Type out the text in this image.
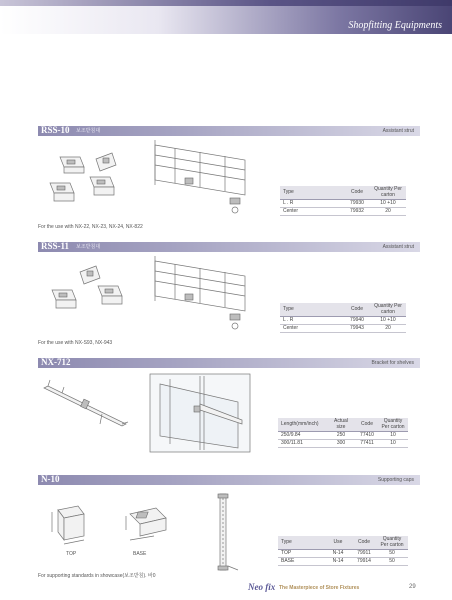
Shopfitting Equipments
RSS-10 보조받침대	Assistant strut
Type	Code	Quantity Per carton
L . R	79930	10 +10
Center	79932	20
For the use with NX-22, NX-23, NX-24, NX-822
RSS-11 보조받침대	Assistant strut
Type	Code	Quantity Per carton
L . R	79940	10 +10
Center	79943	20
For the use with NX-S93, NX-943
NX-712	Bracket for shelves
Length(mm/inch)	Actual size	Code	Quantity Per carton
250/9.84	250	77410	10
300/11.81	300	77411	10
N-10	Supporting caps
TOP	BASE
Type	Use	Code	Quantity Per carton
TOP	N-14	79911	50
BASE	N-14	79914	50
For supporting standards in showcase(보조받침). 바0
Neo fix The Masterpiece of Store Fixtures	29
